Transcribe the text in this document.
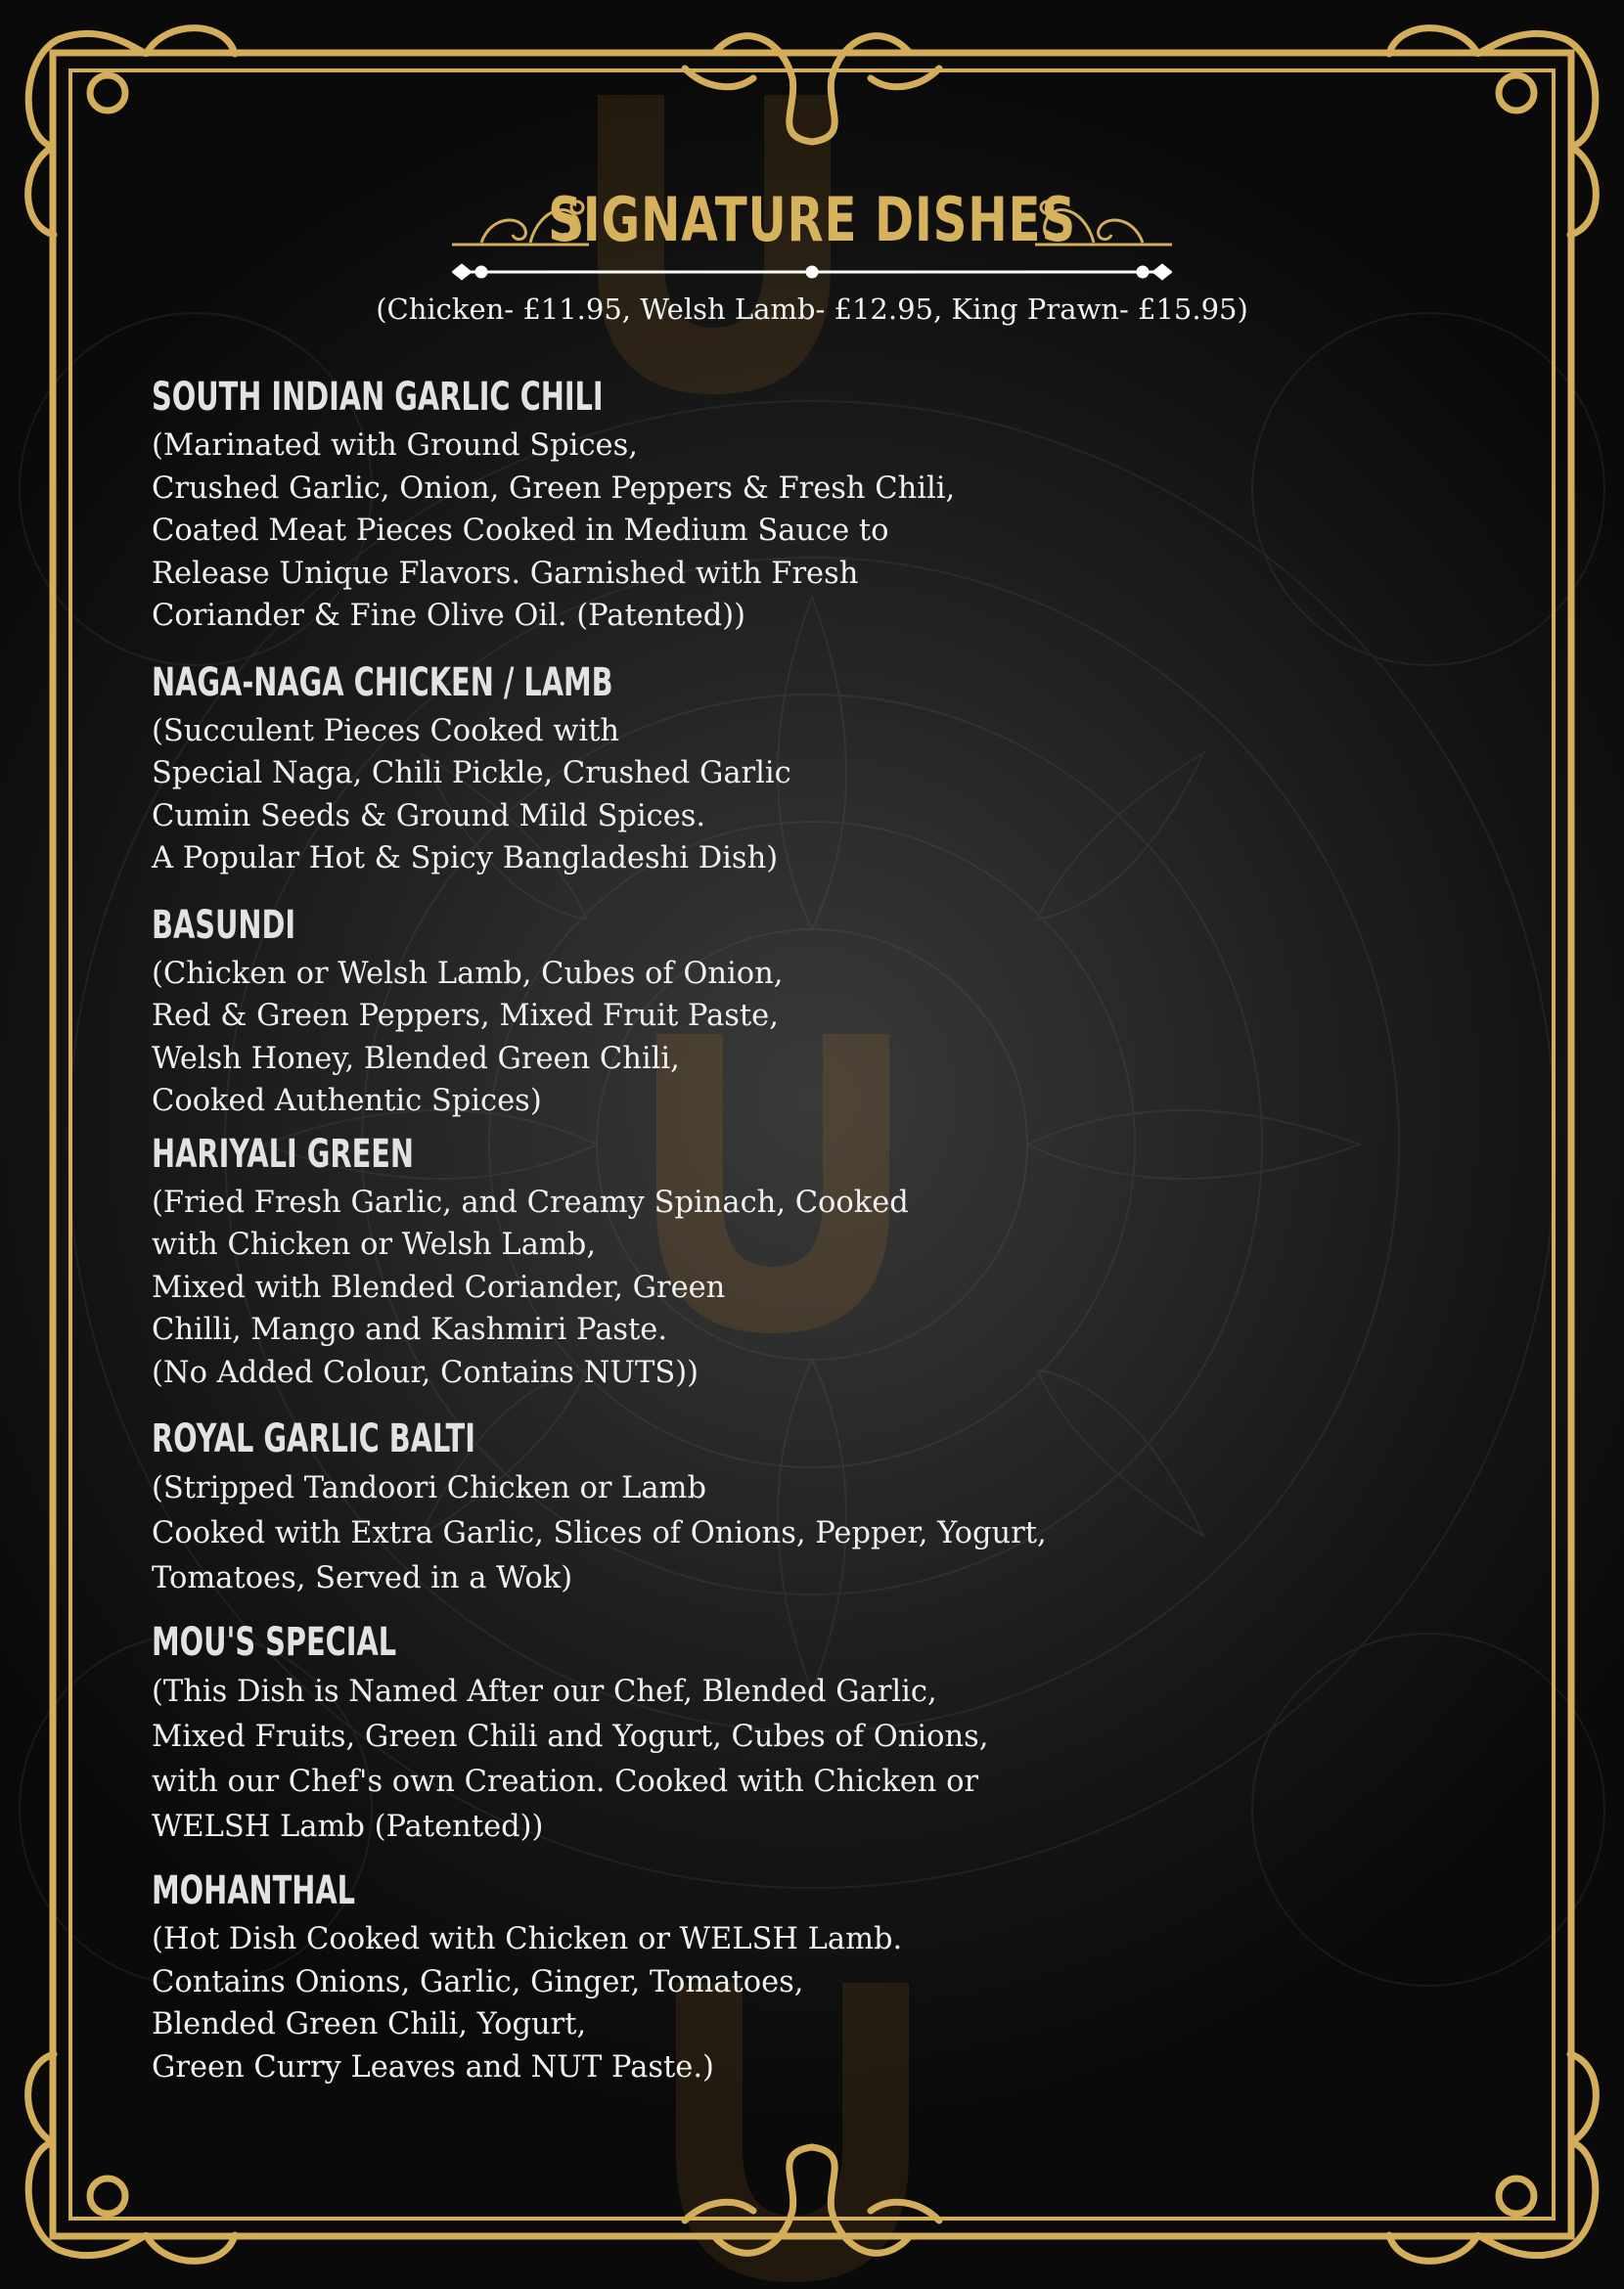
SIGNATURE DISHES
(Chicken- £11.95, Welsh Lamb- £12.95, King Prawn- £15.95)
SOUTH INDIAN GARLIC CHILI

(Marinated with Ground Spices,

Crushed Garlic, Onion, Green Peppers & Fresh Chili,

Coated Meat Pieces Cooked in Medium Sauce to

Release Unique Flavors. Garnished with Fresh

Coriander & Fine Olive Oil. (Patented))

NAGA-NAGA CHICKEN / LAMB

(Succulent Pieces Cooked with

Special Naga, Chili Pickle, Crushed Garlic

Cumin Seeds & Ground Mild Spices.

A Popular Hot & Spicy Bangladeshi Dish)

BASUNDI

(Chicken or Welsh Lamb, Cubes of Onion,

Red & Green Peppers, Mixed Fruit Paste,

Welsh Honey, Blended Green Chili,

Cooked Authentic Spices)

HARIYALI GREEN

(Fried Fresh Garlic, and Creamy Spinach, Cooked

with Chicken or Welsh Lamb,

Mixed with Blended Coriander, Green

Chilli, Mango and Kashmiri Paste.

(No Added Colour, Contains NUTS))

ROYAL GARLIC BALTI

(Stripped Tandoori Chicken or Lamb

Cooked with Extra Garlic, Slices of Onions, Pepper, Yogurt,

Tomatoes, Served in a Wok)

MOU'S SPECIAL

(This Dish is Named After our Chef, Blended Garlic,

Mixed Fruits, Green Chili and Yogurt, Cubes of Onions,

with our Chef's own Creation. Cooked with Chicken or

WELSH Lamb (Patented))

MOHANTHAL

(Hot Dish Cooked with Chicken or WELSH Lamb.

Contains Onions, Garlic, Ginger, Tomatoes,

Blended Green Chili, Yogurt,

Green Curry Leaves and NUT Paste.)
